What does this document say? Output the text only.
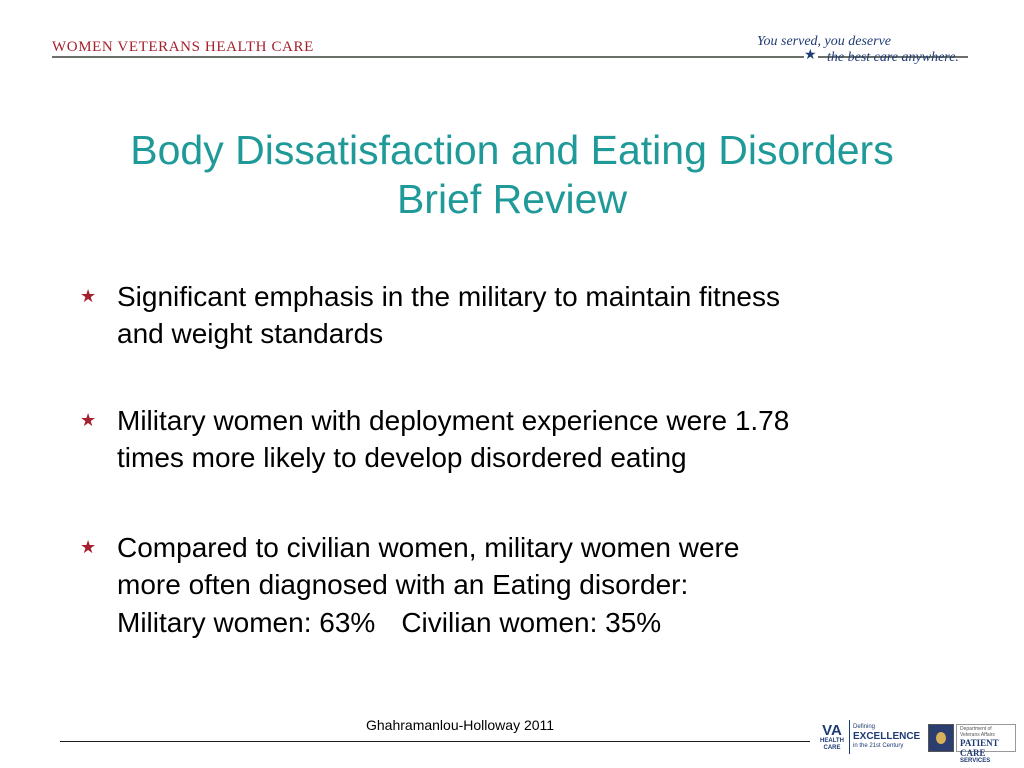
WOMEN VETERANS HEALTH CARE	You served, you deserve
★ the best care anywhere.
Body Dissatisfaction and Eating Disorders
Brief Review
★ Significant emphasis in the military to maintain fitness
and weight standards
★ Military women with deployment experience were 1.78
times more likely to develop disordered eating
★ Compared to civilian women, military women were
more often diagnosed with an Eating disorder:
Military women: 63% Civilian women: 35%
Ghahramanlou-Holloway 2011	VA
HEALTH
CARE
Defining
EXCELLENCE
in the 21st Century
Department of Veterans Affairs
PATIENT CARE
SERVICES
